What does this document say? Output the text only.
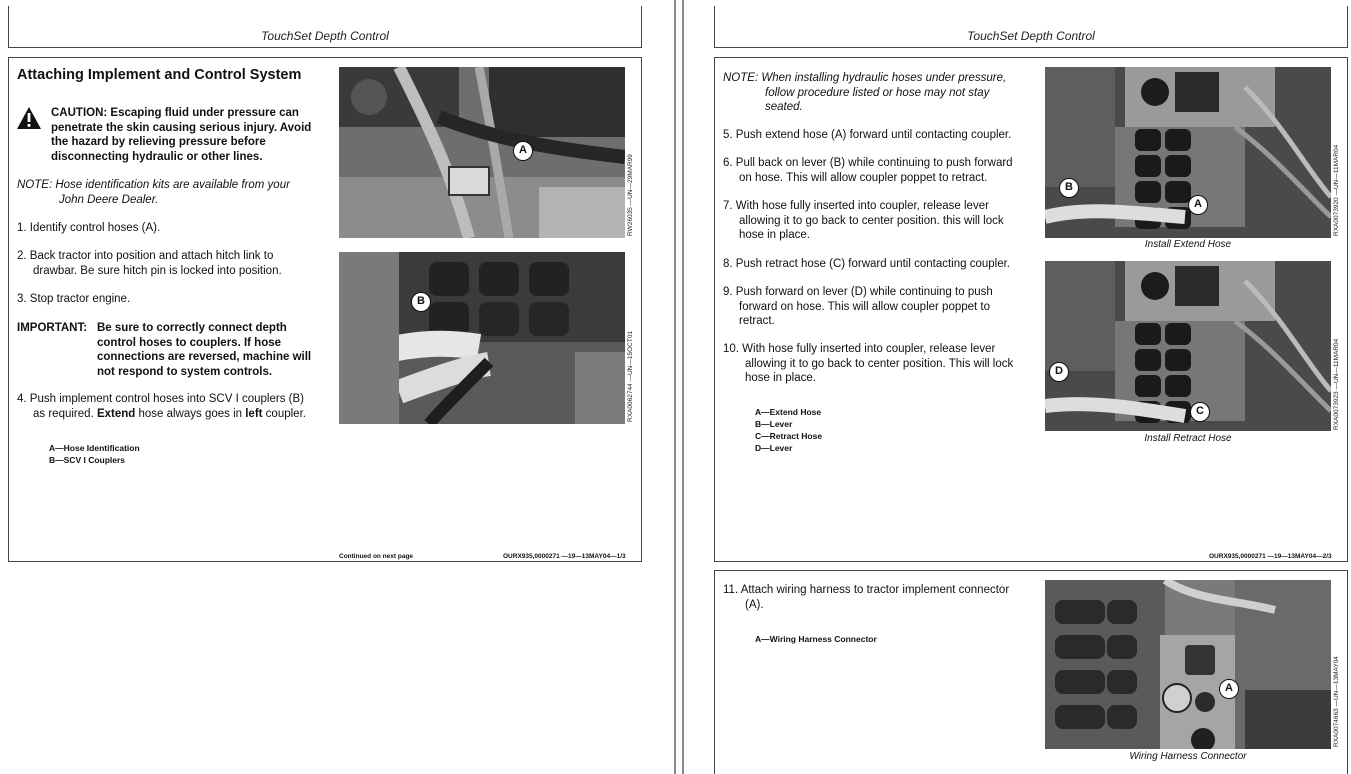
TouchSet Depth Control
Attaching Implement and Control System
CAUTION: Escaping fluid under pressure can
penetrate the skin causing serious injury. Avoid
the hazard by relieving pressure before
disconnecting hydraulic or other lines.
NOTE: Hose identification kits are available from your
John Deere Dealer.
1. Identify control hoses (A).
2. Back tractor into position and attach hitch link to
drawbar. Be sure hitch pin is locked into position.
3. Stop tractor engine.
IMPORTANT: Be sure to correctly connect depth
control hoses to couplers. If hose
connections are reversed, machine will
not respond to system controls.
4. Push implement control hoses into SCV I couplers (B)
as required. Extend hose always goes in left coupler.
A—Hose Identification
B—SCV I Couplers
A
RW26035 —UN—29MAR99
B
RXA0062744 —UN—15OCT01
Continued on next page	OURX935,0000271 —19—13MAY04—1/3
TouchSet Depth Control
NOTE: When installing hydraulic hoses under pressure,
follow procedure listed or hose may not stay
seated.
5. Push extend hose (A) forward until contacting coupler.
6. Pull back on lever (B) while continuing to push forward
on hose. This will allow coupler poppet to retract.
7. With hose fully inserted into coupler, release lever
allowing it to go back to center position. this will lock
hose in place.
8. Push retract hose (C) forward until contacting coupler.
9. Push forward on lever (D) while continuing to push
forward on hose. This will allow coupler poppet to
retract.
10. With hose fully inserted into coupler, release lever
allowing it to go back to center position. This will lock
hose in place.
A—Extend Hose
B—Lever
C—Retract Hose
D—Lever
B
A
Install Extend Hose
RXA0073920 —UN—11MAR04
D
C
Install Retract Hose
RXA0073923 —UN—11MAR04
OURX935,0000271 —19—13MAY04—2/3
11. Attach wiring harness to tractor implement connector
(A).
A—Wiring Harness Connector
A
Wiring Harness Connector
RXA0074663 —UN—13MAY04
